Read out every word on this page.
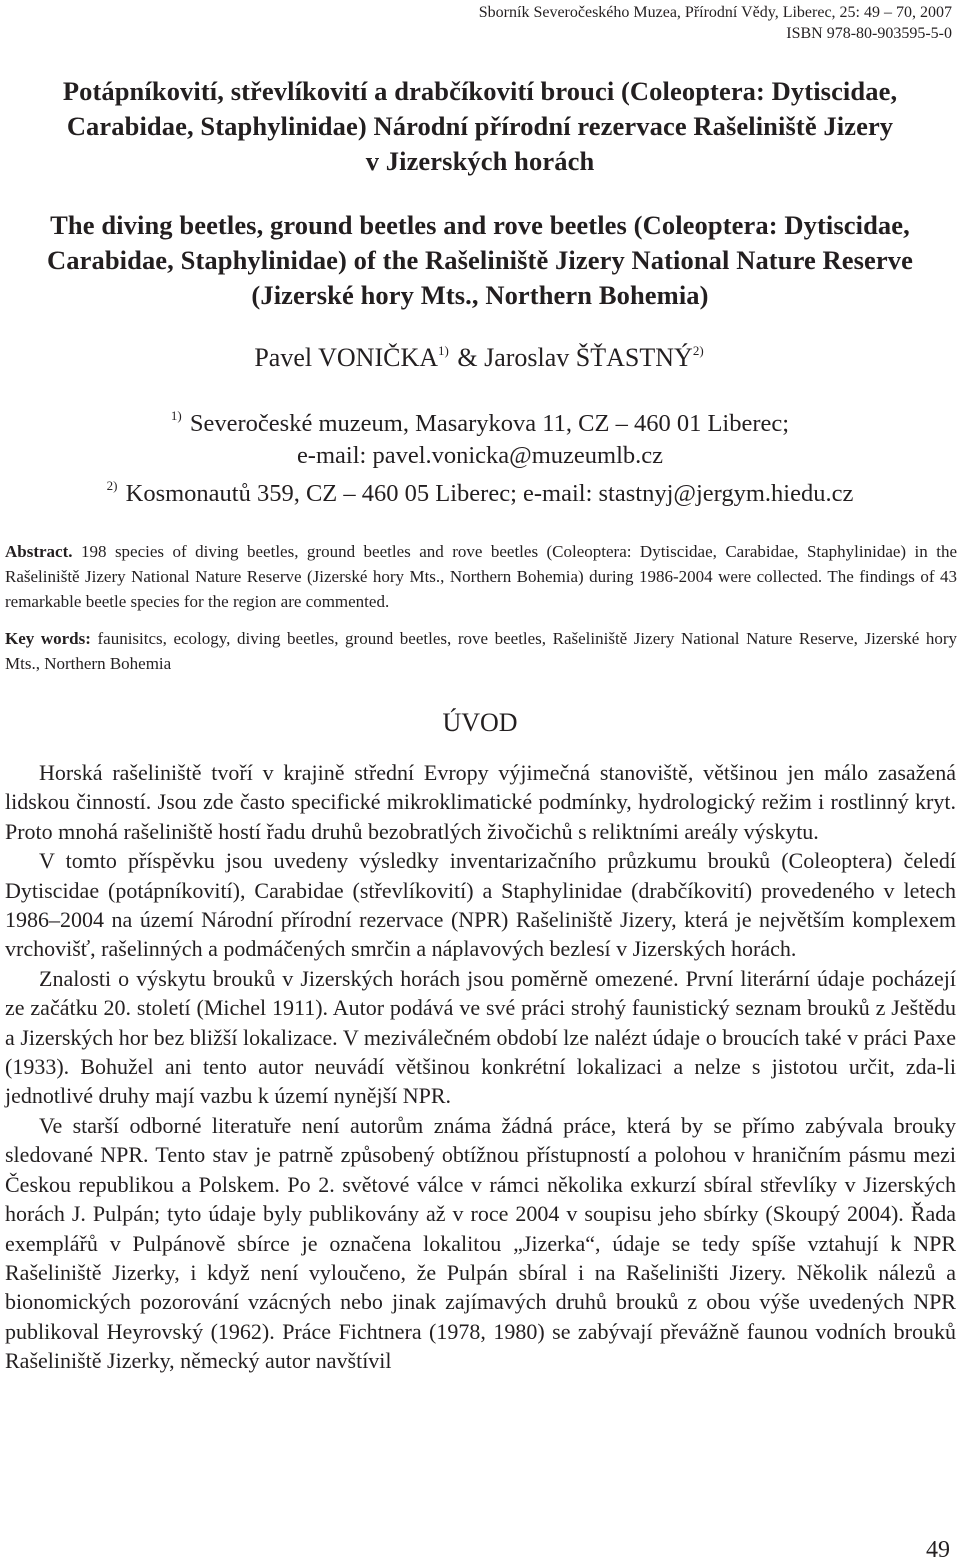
Sborník Severočeského Muzea, Přírodní Vědy, Liberec, 25: 49 – 70, 2007
ISBN 978-80-903595-5-0
Potápníkovití, střevlíkovití a drabčíkovití brouci (Coleoptera: Dytiscidae,
Carabidae, Staphylinidae) Národní přírodní rezervace Rašeliniště Jizery
v Jizerských horách
The diving beetles, ground beetles and rove beetles (Coleoptera: Dytiscidae,
Carabidae, Staphylinidae) of the Rašeliniště Jizery National Nature Reserve
(Jizerské hory Mts., Northern Bohemia)
Pavel VONIČKA$^{1)}$ & Jaroslav ŠŤASTNÝ$^{2)}$
$^{1)}$ Severočeské muzeum, Masarykova 11, CZ – 460 01 Liberec;
e-mail: pavel.vonicka@muzeumlb.cz
$^{2)}$ Kosmonautů 359, CZ – 460 05 Liberec; e-mail: stastnyj@jergym.hiedu.cz
Abstract. 198 species of diving beetles, ground beetles and rove beetles (Coleoptera: Dytiscidae, Carabidae, Staphylinidae) in the Rašeliniště Jizery National Nature Reserve (Jizerské hory Mts., Northern Bohemia) during 1986-2004 were collected. The findings of 43 remarkable beetle species for the region are commented.
Key words: faunisitcs, ecology, diving beetles, ground beetles, rove beetles, Rašeliniště Jizery National Nature Reserve, Jizerské hory Mts., Northern Bohemia
ÚVOD

Horská rašeliniště tvoří v krajině střední Evropy výjimečná stanoviště, většinou jen málo zasažená lidskou činností. Jsou zde často specifické mikroklimatické podmínky, hydrologický režim i rostlinný kryt. Proto mnohá rašeliniště hostí řadu druhů bezobratlých živočichů s reliktními areály výskytu.

V tomto příspěvku jsou uvedeny výsledky inventarizačního průzkumu brouků (Coleoptera) čeledí Dytiscidae (potápníkovití), Carabidae (střevlíkovití) a Staphylinidae (drabčíkovití) provedeného v letech 1986–2004 na území Národní přírodní rezervace (NPR) Rašeliniště Jizery, která je největším komplexem vrchovišť, rašelinných a podmáčených smrčin a náplavových bezlesí v Jizerských horách.

Znalosti o výskytu brouků v Jizerských horách jsou poměrně omezené. První literární údaje pocházejí ze začátku 20. století (Michel 1911). Autor podává ve své práci strohý faunistický seznam brouků z Ještědu a Jizerských hor bez bližší lokalizace. V meziválečném období lze nalézt údaje o broucích také v práci Paxe (1933). Bohužel ani tento autor neuvádí většinou konkrétní lokalizaci a nelze s jistotou určit, zda-li jednotlivé druhy mají vazbu k území nynější NPR.

Ve starší odborné literatuře není autorům známa žádná práce, která by se přímo zabývala brouky sledované NPR. Tento stav je patrně způsobený obtížnou přístupností a polohou v hraničním pásmu mezi Českou republikou a Polskem. Po 2. světové válce v rámci několika exkurzí sbíral střevlíky v Jizerských horách J. Pulpán; tyto údaje byly publikovány až v roce 2004 v soupisu jeho sbírky (Skoupý 2004). Řada exemplářů v Pulpánově sbírce je označena lokalitou „Jizerka“, údaje se tedy spíše vztahují k NPR Rašeliniště Jizerky, i když není vyloučeno, že Pulpán sbíral i na Rašeliništi Jizery. Několik nálezů a bionomických pozorování vzácných nebo jinak zajímavých druhů brouků z obou výše uvedených NPR publikoval Heyrovský (1962). Práce Fichtnera (1978, 1980) se zabývají převážně faunou vodních brouků Rašeliniště Jizerky, německý autor navštívil

49
